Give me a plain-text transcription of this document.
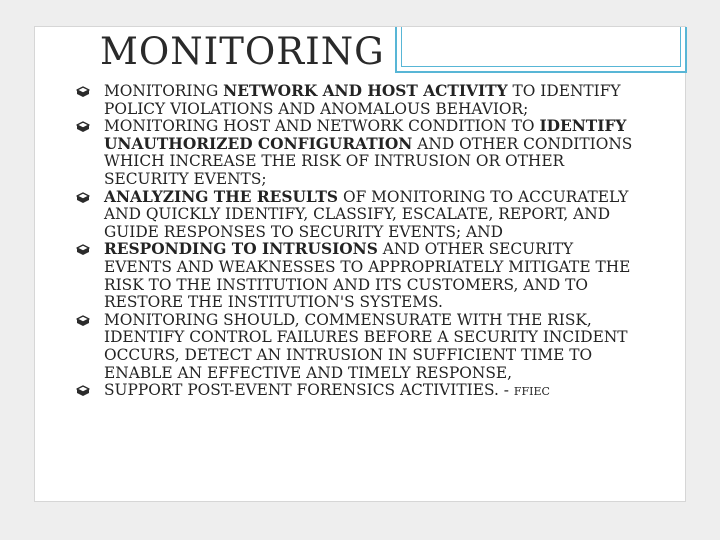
MONITORING
MONITORING NETWORK AND HOST ACTIVITY TO IDENTIFY POLICY VIOLATIONS AND ANOMALOUS BEHAVIOR;
MONITORING HOST AND NETWORK CONDITION TO IDENTIFY UNAUTHORIZED CONFIGURATION AND OTHER CONDITIONS WHICH INCREASE THE RISK OF INTRUSION OR OTHER SECURITY EVENTS;
ANALYZING THE RESULTS OF MONITORING TO ACCURATELY AND QUICKLY IDENTIFY, CLASSIFY, ESCALATE, REPORT, AND GUIDE RESPONSES TO SECURITY EVENTS; AND
RESPONDING TO INTRUSIONS AND OTHER SECURITY EVENTS AND WEAKNESSES TO APPROPRIATELY MITIGATE THE RISK TO THE INSTITUTION AND ITS CUSTOMERS, AND TO RESTORE THE INSTITUTION'S SYSTEMS.
MONITORING SHOULD, COMMENSURATE WITH THE RISK, IDENTIFY CONTROL FAILURES BEFORE A SECURITY INCIDENT OCCURS, DETECT AN INTRUSION IN SUFFICIENT TIME TO ENABLE AN EFFECTIVE AND TIMELY RESPONSE,
SUPPORT POST-EVENT FORENSICS ACTIVITIES. - FFIEC
